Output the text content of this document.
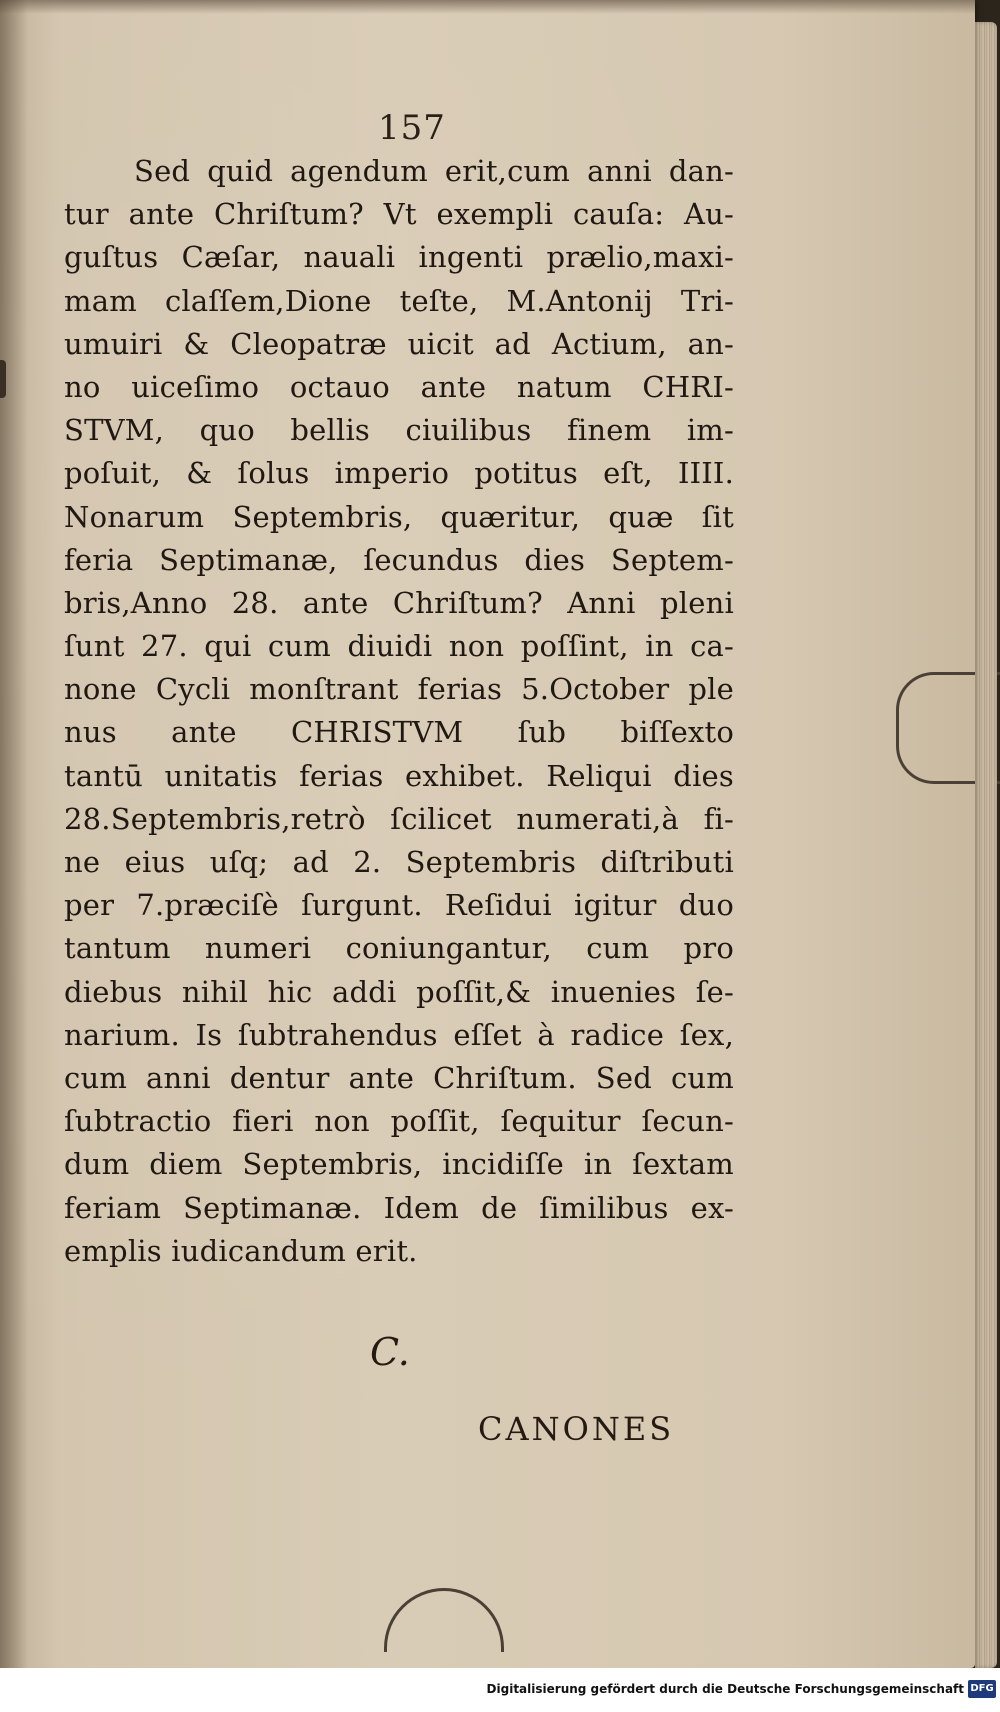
157
Sed quid agendum erit,cum anni dan-
tur ante Chriſtum? Vt exempli cauſa: Au-
guſtus Cæſar, nauali ingenti prælio,maxi-
mam claſſem,Dione teſte, M.Antonij Tri-
umuiri & Cleopatræ uicit ad Actium, an-
no uiceſimo octauo ante natum CHRI-
STVM, quo bellis ciuilibus finem im-
poſuit, & ſolus imperio potitus eſt, IIII.
Nonarum Septembris, quæritur, quæ ſit
feria Septimanæ, ſecundus dies Septem-
bris,Anno 28. ante Chriſtum? Anni pleni
ſunt 27. qui cum diuidi non poſſint, in ca-
none Cycli monſtrant ferias 5.October ple
nus ante CHRISTVM ſub biſſexto
tantū unitatis ferias exhibet. Reliqui dies
28.Septembris,retrò ſcilicet numerati,à fi-
ne eius uſq; ad 2. Septembris diſtributi
per 7.præciſè ſurgunt. Reſidui igitur duo
tantum numeri coniungantur, cum pro
diebus nihil hic addi poſſit,& inuenies ſe-
narium. Is ſubtrahendus eſſet à radice ſex,
cum anni dentur ante Chriſtum. Sed cum
ſubtractio fieri non poſſit, ſequitur ſecun-
dum diem Septembris, incidiſſe in ſextam
feriam Septimanæ. Idem de ſimilibus ex-
emplis iudicandum erit.
C.
CANONES
Digitalisierung gefördert durch die Deutsche Forschungsgemeinschaft DFG
